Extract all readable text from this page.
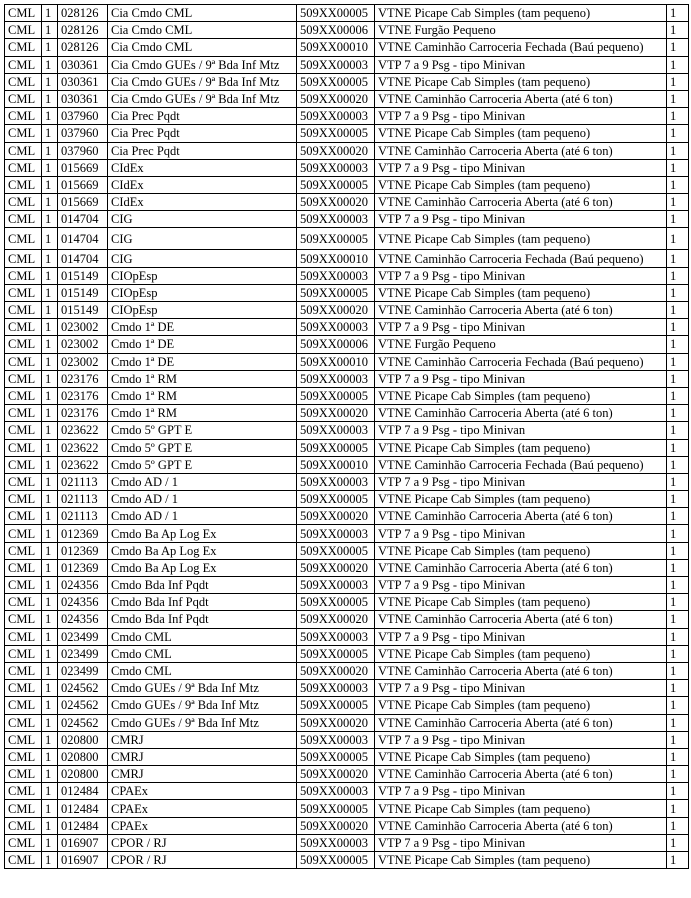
CML	1	028126	Cia Cmdo CML	509XX00005	VTNE Picape Cab Simples (tam pequeno)	1
CML	1	028126	Cia Cmdo CML	509XX00006	VTNE Furgão Pequeno	1
CML	1	028126	Cia Cmdo CML	509XX00010	VTNE Caminhão Carroceria Fechada (Baú pequeno)	1
CML	1	030361	Cia Cmdo GUEs / 9ª Bda Inf Mtz	509XX00003	VTP 7 a 9 Psg - tipo Minivan	1
CML	1	030361	Cia Cmdo GUEs / 9ª Bda Inf Mtz	509XX00005	VTNE Picape Cab Simples (tam pequeno)	1
CML	1	030361	Cia Cmdo GUEs / 9ª Bda Inf Mtz	509XX00020	VTNE Caminhão Carroceria Aberta (até 6 ton)	1
CML	1	037960	Cia Prec Pqdt	509XX00003	VTP 7 a 9 Psg - tipo Minivan	1
CML	1	037960	Cia Prec Pqdt	509XX00005	VTNE Picape Cab Simples (tam pequeno)	1
CML	1	037960	Cia Prec Pqdt	509XX00020	VTNE Caminhão Carroceria Aberta (até 6 ton)	1
CML	1	015669	CIdEx	509XX00003	VTP 7 a 9 Psg - tipo Minivan	1
CML	1	015669	CIdEx	509XX00005	VTNE Picape Cab Simples (tam pequeno)	1
CML	1	015669	CIdEx	509XX00020	VTNE Caminhão Carroceria Aberta (até 6 ton)	1
CML	1	014704	CIG	509XX00003	VTP 7 a 9 Psg - tipo Minivan	1
CML	1	014704	CIG	509XX00005	VTNE Picape Cab Simples (tam pequeno)	1
CML	1	014704	CIG	509XX00010	VTNE Caminhão Carroceria Fechada (Baú pequeno)	1
CML	1	015149	CIOpEsp	509XX00003	VTP 7 a 9 Psg - tipo Minivan	1
CML	1	015149	CIOpEsp	509XX00005	VTNE Picape Cab Simples (tam pequeno)	1
CML	1	015149	CIOpEsp	509XX00020	VTNE Caminhão Carroceria Aberta (até 6 ton)	1
CML	1	023002	Cmdo 1ª DE	509XX00003	VTP 7 a 9 Psg - tipo Minivan	1
CML	1	023002	Cmdo 1ª DE	509XX00006	VTNE Furgão Pequeno	1
CML	1	023002	Cmdo 1ª DE	509XX00010	VTNE Caminhão Carroceria Fechada (Baú pequeno)	1
CML	1	023176	Cmdo 1ª RM	509XX00003	VTP 7 a 9 Psg - tipo Minivan	1
CML	1	023176	Cmdo 1ª RM	509XX00005	VTNE Picape Cab Simples (tam pequeno)	1
CML	1	023176	Cmdo 1ª RM	509XX00020	VTNE Caminhão Carroceria Aberta (até 6 ton)	1
CML	1	023622	Cmdo 5º GPT E	509XX00003	VTP 7 a 9 Psg - tipo Minivan	1
CML	1	023622	Cmdo 5º GPT E	509XX00005	VTNE Picape Cab Simples (tam pequeno)	1
CML	1	023622	Cmdo 5º GPT E	509XX00010	VTNE Caminhão Carroceria Fechada (Baú pequeno)	1
CML	1	021113	Cmdo AD / 1	509XX00003	VTP 7 a 9 Psg - tipo Minivan	1
CML	1	021113	Cmdo AD / 1	509XX00005	VTNE Picape Cab Simples (tam pequeno)	1
CML	1	021113	Cmdo AD / 1	509XX00020	VTNE Caminhão Carroceria Aberta (até 6 ton)	1
CML	1	012369	Cmdo Ba Ap Log Ex	509XX00003	VTP 7 a 9 Psg - tipo Minivan	1
CML	1	012369	Cmdo Ba Ap Log Ex	509XX00005	VTNE Picape Cab Simples (tam pequeno)	1
CML	1	012369	Cmdo Ba Ap Log Ex	509XX00020	VTNE Caminhão Carroceria Aberta (até 6 ton)	1
CML	1	024356	Cmdo Bda Inf Pqdt	509XX00003	VTP 7 a 9 Psg - tipo Minivan	1
CML	1	024356	Cmdo Bda Inf Pqdt	509XX00005	VTNE Picape Cab Simples (tam pequeno)	1
CML	1	024356	Cmdo Bda Inf Pqdt	509XX00020	VTNE Caminhão Carroceria Aberta (até 6 ton)	1
CML	1	023499	Cmdo CML	509XX00003	VTP 7 a 9 Psg - tipo Minivan	1
CML	1	023499	Cmdo CML	509XX00005	VTNE Picape Cab Simples (tam pequeno)	1
CML	1	023499	Cmdo CML	509XX00020	VTNE Caminhão Carroceria Aberta (até 6 ton)	1
CML	1	024562	Cmdo GUEs / 9ª Bda Inf Mtz	509XX00003	VTP 7 a 9 Psg - tipo Minivan	1
CML	1	024562	Cmdo GUEs / 9ª Bda Inf Mtz	509XX00005	VTNE Picape Cab Simples (tam pequeno)	1
CML	1	024562	Cmdo GUEs / 9ª Bda Inf Mtz	509XX00020	VTNE Caminhão Carroceria Aberta (até 6 ton)	1
CML	1	020800	CMRJ	509XX00003	VTP 7 a 9 Psg - tipo Minivan	1
CML	1	020800	CMRJ	509XX00005	VTNE Picape Cab Simples (tam pequeno)	1
CML	1	020800	CMRJ	509XX00020	VTNE Caminhão Carroceria Aberta (até 6 ton)	1
CML	1	012484	CPAEx	509XX00003	VTP 7 a 9 Psg - tipo Minivan	1
CML	1	012484	CPAEx	509XX00005	VTNE Picape Cab Simples (tam pequeno)	1
CML	1	012484	CPAEx	509XX00020	VTNE Caminhão Carroceria Aberta (até 6 ton)	1
CML	1	016907	CPOR / RJ	509XX00003	VTP 7 a 9 Psg - tipo Minivan	1
CML	1	016907	CPOR / RJ	509XX00005	VTNE Picape Cab Simples (tam pequeno)	1
